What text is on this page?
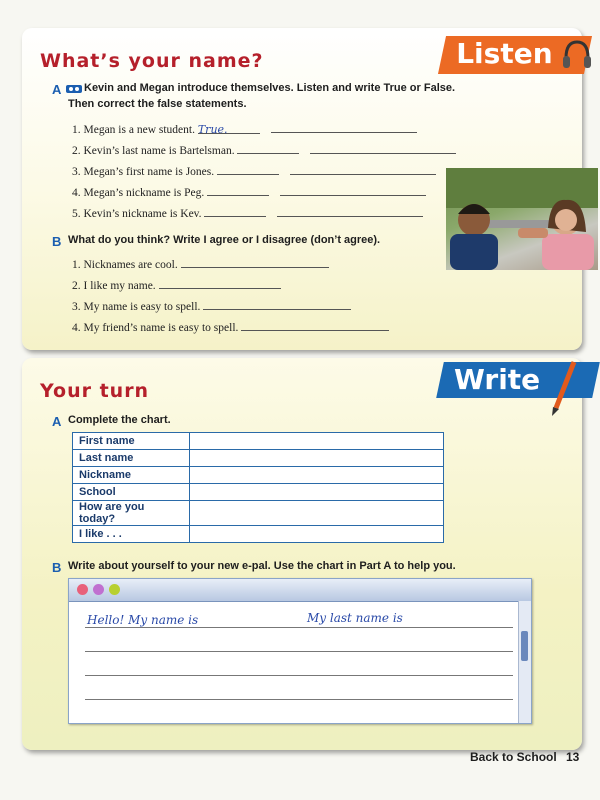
What’s your name?	Listen
A Kevin and Megan introduce themselves. Listen and write True or False.
Then correct the false statements.
1. Megan is a new student. True.
2. Kevin’s last name is Bartelsman.
3. Megan’s first name is Jones.
4. Megan’s nickname is Peg.
5. Kevin’s nickname is Kev.
B What do you think? Write I agree or I disagree (don’t agree).
1. Nicknames are cool.
2. I like my name.
3. My name is easy to spell.
4. My friend’s name is easy to spell.
Your turn	Write
A Complete the chart.
First name	
Last name	
Nickname	
School	
How are you today?	
I like . . .	
B Write about yourself to your new e-pal. Use the chart in Part A to help you.
Hello! My name is	My last name is
Back to School 13
